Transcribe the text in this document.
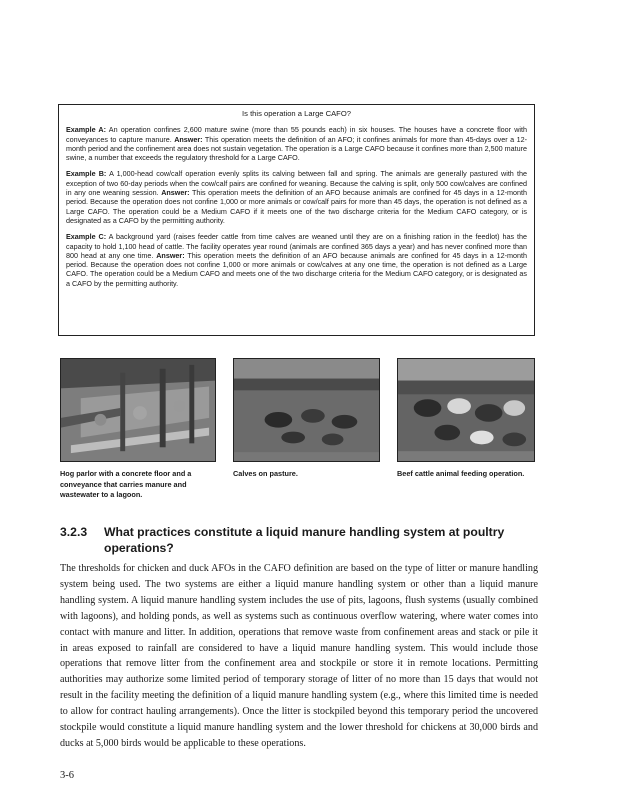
Is this operation a Large CAFO?

Example A: An operation confines 2,600 mature swine (more than 55 pounds each) in six houses. The houses have a concrete floor with conveyances to capture manure. Answer: This operation meets the definition of an AFO; it confines animals for more than 45-days over a 12-month period and the confinement area does not sustain vegetation. The operation is a Large CAFO because it confines more than 2,500 mature swine, a number that exceeds the regulatory threshold for a Large CAFO.

Example B: A 1,000-head cow/calf operation evenly splits its calving between fall and spring. The animals are generally pastured with the exception of two 60-day periods when the cow/calf pairs are confined for weaning. Because the calving is split, only 500 cow/calves are confined in any one weaning session. Answer: This operation meets the definition of an AFO because animals are confined for 45 days in a 12-month period. Because the operation does not confine 1,000 or more animals or cow/calf pairs for more than 45 days, the operation is not defined as a Large CAFO. The operation could be a Medium CAFO if it meets one of the two discharge criteria for the Medium CAFO category, or is designated as a CAFO by the permitting authority.

Example C: A background yard (raises feeder cattle from time calves are weaned until they are on a finishing ration in the feedlot) has the capacity to hold 1,100 head of cattle. The facility operates year round (animals are confined 365 days a year) and has never confined more than 800 head at any one time. Answer: This operation meets the definition of an AFO because animals are confined for 45 days in a 12-month period. Because the operation does not confine 1,000 or more animals or cow/calves at any one time, the operation is not defined as a Large CAFO. The operation could be a Medium CAFO and meets one of the two discharge criteria for the Medium CAFO category, or is designated as a CAFO by the permitting authority.

Hog parlor with a concrete floor and a conveyance that carries manure and wastewater to a lagoon.
Calves on pasture.	Beef cattle animal feeding operation.
3.2.3 What practices constitute a liquid manure handling system at poultry operations?

The thresholds for chicken and duck AFOs in the CAFO definition are based on the type of litter or manure handling system being used. The two systems are either a liquid manure handling system or other than a liquid manure handling system. A liquid manure handling system includes the use of pits, lagoons, flush systems (usually combined with lagoons), and holding ponds, as well as systems such as continuous overflow watering, where water comes into contact with manure and litter. In addition, operations that remove waste from confinement areas and stack or pile it in areas exposed to rainfall are considered to have a liquid manure handling system. This would include those operations that remove litter from the confinement area and stockpile or store it in remote locations. Permitting authorities may authorize some limited period of temporary storage of litter of no more than 15 days that would not result in the facility meeting the definition of a liquid manure handling system (e.g., where this limited time is needed to allow for contract hauling arrangements). Once the litter is stockpiled beyond this temporary period the uncovered stockpile would constitute a liquid manure handling system and the lower threshold for chickens at 30,000 birds and ducks at 5,000 birds would be applicable to these operations.

3-6
